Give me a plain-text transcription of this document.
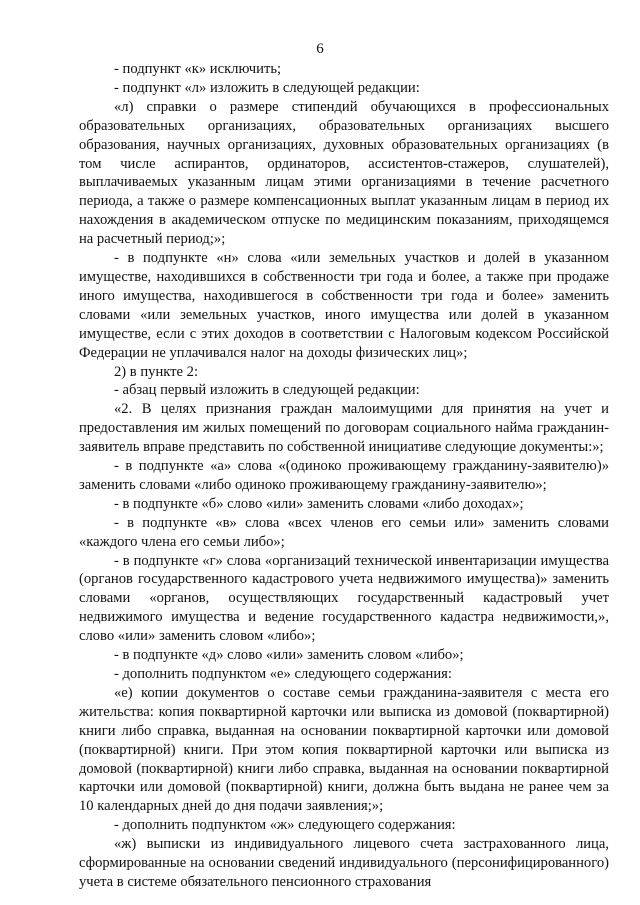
6

- подпункт «к» исключить;

- подпункт «л» изложить в следующей редакции:

«л) справки о размере стипендий обучающихся в профессиональных образовательных организациях, образовательных организациях высшего образования, научных организациях, духовных образовательных организациях (в том числе аспирантов, ординаторов, ассистентов-стажеров, слушателей), выплачиваемых указанным лицам этими организациями в течение расчетного периода, а также о размере компенсационных выплат указанным лицам в период их нахождения в академическом отпуске по медицинским показаниям, приходящемся на расчетный период;»;

- в подпункте «н» слова «или земельных участков и долей в указанном имуществе, находившихся в собственности три года и более, а также при продаже иного имущества, находившегося в собственности три года и более» заменить словами «или земельных участков, иного имущества или долей в указанном имуществе, если с этих доходов в соответствии с Налоговым кодексом Российской Федерации не уплачивался налог на доходы физических лиц»;

2) в пункте 2:

- абзац первый изложить в следующей редакции:

«2. В целях признания граждан малоимущими для принятия на учет и предоставления им жилых помещений по договорам социального найма гражданин-заявитель вправе представить по собственной инициативе следующие документы:»;

- в подпункте «а» слова «(одиноко проживающему гражданину-заявителю)» заменить словами «либо одиноко проживающему гражданину-заявителю»;

- в подпункте «б» слово «или» заменить словами «либо доходах»;

- в подпункте «в» слова «всех членов его семьи или» заменить словами «каждого члена его семьи либо»;

- в подпункте «г» слова «организаций технической инвентаризации имущества (органов государственного кадастрового учета недвижимого имущества)» заменить словами «органов, осуществляющих государственный кадастровый учет недвижимого имущества и ведение государственного кадастра недвижимости,», слово «или» заменить словом «либо»;

- в подпункте «д» слово «или» заменить словом «либо»;

- дополнить подпунктом «е» следующего содержания:

«е) копии документов о составе семьи гражданина-заявителя с места его жительства: копия поквартирной карточки или выписка из домовой (поквартирной) книги либо справка, выданная на основании поквартирной карточки или домовой (поквартирной) книги. При этом копия поквартирной карточки или выписка из домовой (поквартирной) книги либо справка, выданная на основании поквартирной карточки или домовой (поквартирной) книги, должна быть выдана не ранее чем за 10 календарных дней до дня подачи заявления;»;

- дополнить подпунктом «ж» следующего содержания:

«ж) выписки из индивидуального лицевого счета застрахованного лица, сформированные на основании сведений индивидуального (персонифицированного) учета в системе обязательного пенсионного страхования
